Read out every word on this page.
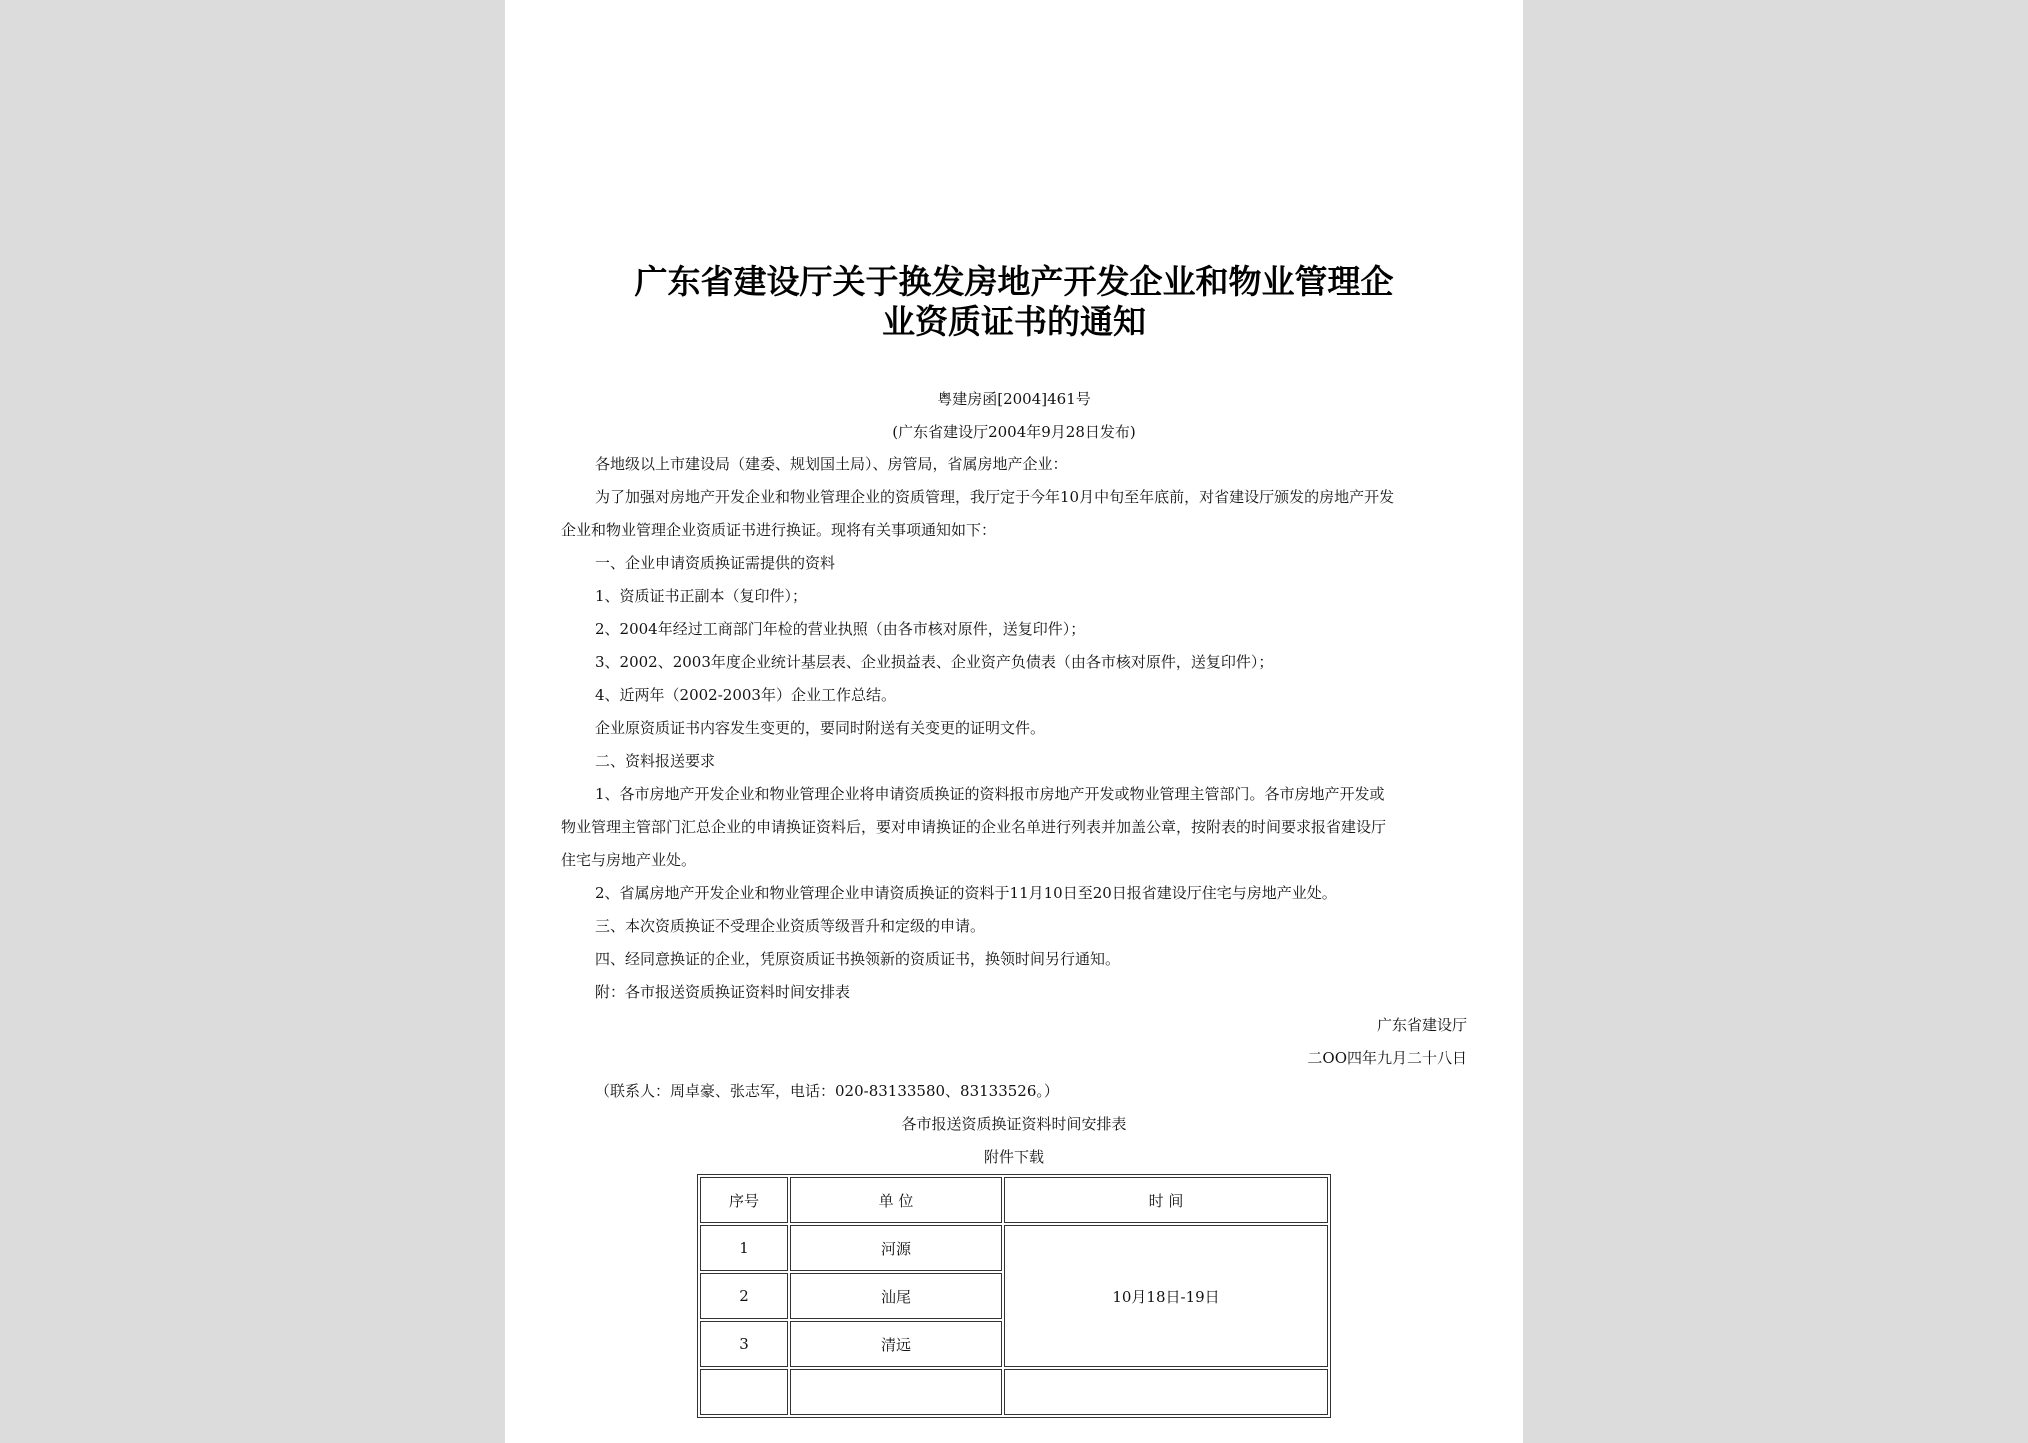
广东省建设厅关于换发房地产开发企业和物业管理企
业资质证书的通知
粤建房函[2004]461号
(广东省建设厅2004年9月28日发布)
各地级以上市建设局（建委、规划国土局）、房管局，省属房地产企业：
为了加强对房地产开发企业和物业管理企业的资质管理，我厅定于今年10月中旬至年底前，对省建设厅颁发的房地产开发
企业和物业管理企业资质证书进行换证。现将有关事项通知如下：
一、企业申请资质换证需提供的资料
1、资质证书正副本（复印件）；
2、2004年经过工商部门年检的营业执照（由各市核对原件，送复印件）；
3、2002、2003年度企业统计基层表、企业损益表、企业资产负债表（由各市核对原件，送复印件）；
4、近两年（2002-2003年）企业工作总结。
企业原资质证书内容发生变更的，要同时附送有关变更的证明文件。
二、资料报送要求
1、各市房地产开发企业和物业管理企业将申请资质换证的资料报市房地产开发或物业管理主管部门。各市房地产开发或
物业管理主管部门汇总企业的申请换证资料后，要对申请换证的企业名单进行列表并加盖公章，按附表的时间要求报省建设厅
住宅与房地产业处。
2、省属房地产开发企业和物业管理企业申请资质换证的资料于11月10日至20日报省建设厅住宅与房地产业处。
三、本次资质换证不受理企业资质等级晋升和定级的申请。
四、经同意换证的企业，凭原资质证书换领新的资质证书，换领时间另行通知。
附：各市报送资质换证资料时间安排表
广东省建设厅
二OO四年九月二十八日
（联系人：周卓豪、张志军，电话：020-83133580、83133526。）
各市报送资质换证资料时间安排表
附件下载
序号	单 位	时 间
1	河源	10月18日-19日
2	汕尾	
3	清远	
